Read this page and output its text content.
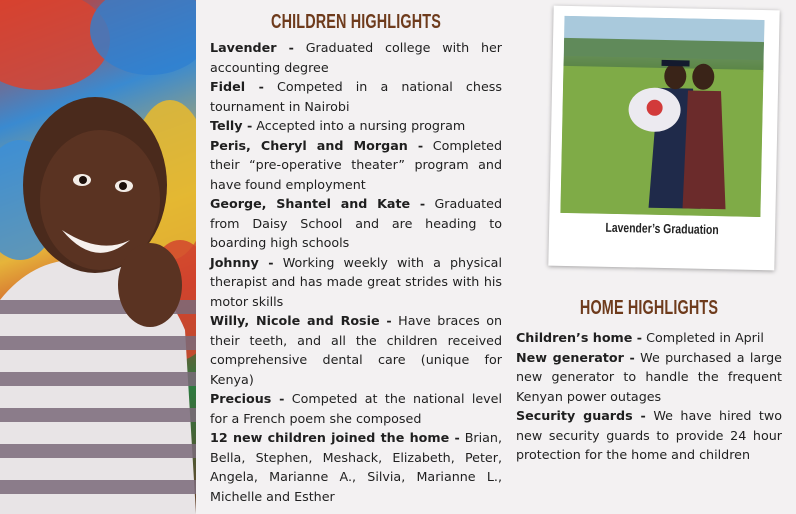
CHILDREN HIGHLIGHTS

Lavender - Graduated college with her accounting degree

Fidel - Competed in a national chess tournament in Nairobi

Telly - Accepted into a nursing program

Peris, Cheryl and Morgan - Completed their “pre-operative theater” program and have found employment

George, Shantel and Kate - Graduated from Daisy School and are heading to boarding high schools

Johnny - Working weekly with a physical therapist and has made great strides with his motor skills

Willy, Nicole and Rosie - Have braces on their teeth, and all the children received comprehensive dental care (unique for Kenya)

Precious - Competed at the national level for a French poem she composed

12 new children joined the home - Brian, Bella, Stephen, Meshack, Elizabeth, Peter, Angela, Marianne A., Silvia, Marianne L., Michelle and Esther

Lavender’s Graduation
HOME HIGHLIGHTS

Children’s home - Completed in April

New generator - We purchased a large new generator to handle the frequent Kenyan power outages

Security guards - We have hired two new security guards to provide 24 hour protection for the home and children
